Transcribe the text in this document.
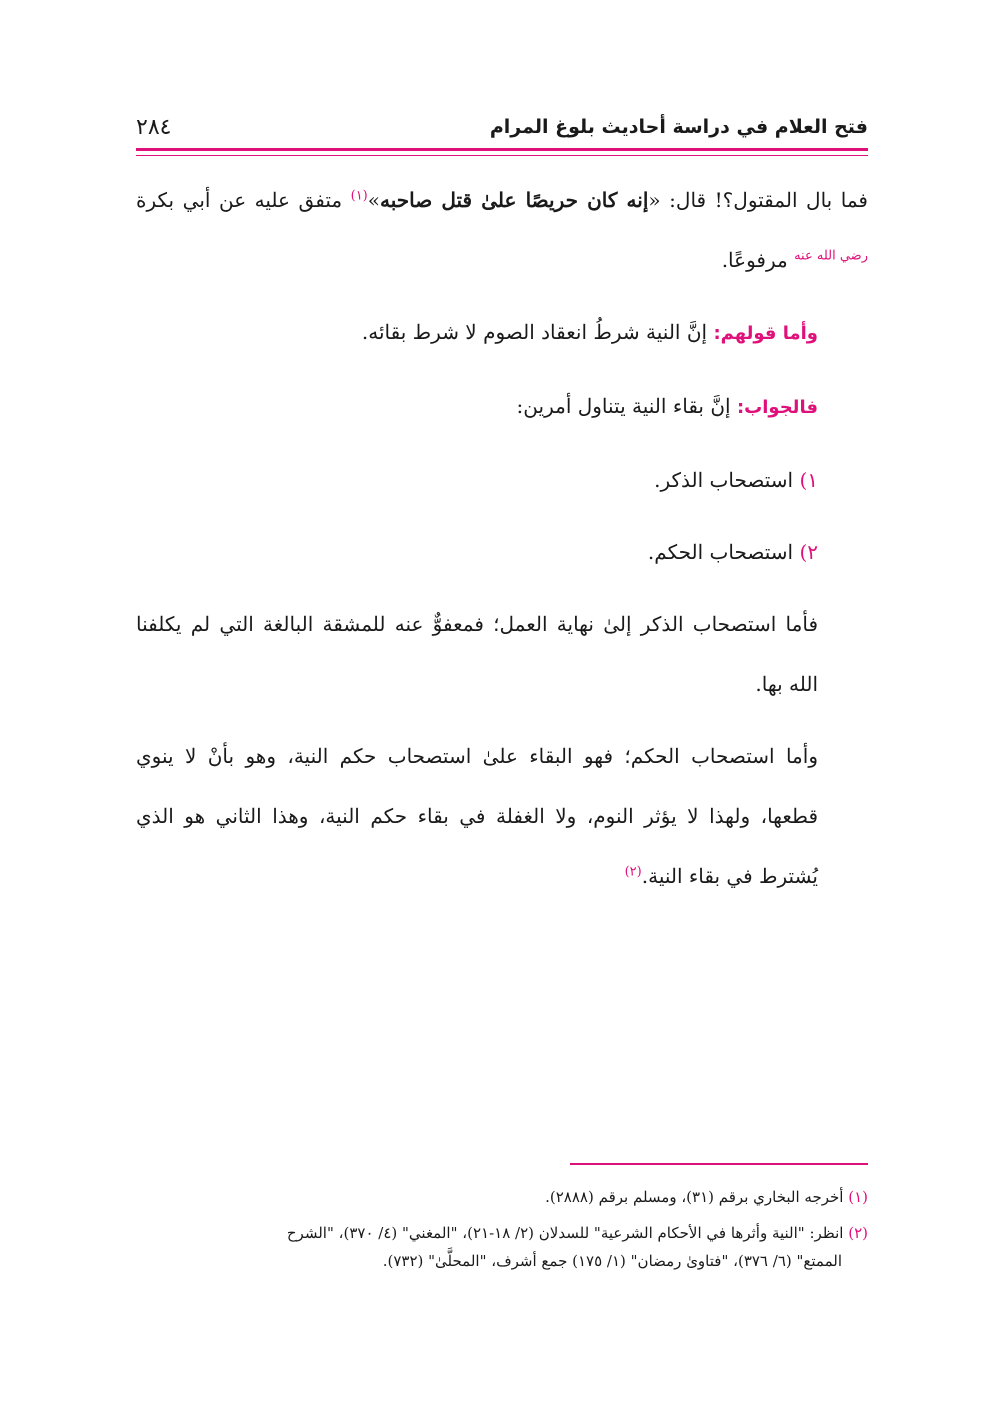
فتح العلام في دراسة أحاديث بلوغ المرام
٢٨٤

فما بال المقتول؟! قال: «إنه كان حريصًا علىٰ قتل صاحبه»$^{(١)}$ متفق عليه عن أبي بكرة $^{رضي الله عنه}$ مرفوعًا.

وأما قولهم: إنَّ النية شرطُ انعقاد الصوم لا شرط بقائه.

فالجواب: إنَّ بقاء النية يتناول أمرين:

١) استصحاب الذكر.

٢) استصحاب الحكم.

فأما استصحاب الذكر إلىٰ نهاية العمل؛ فمعفوٌّ عنه للمشقة البالغة التي لم يكلفنا الله بها.

وأما استصحاب الحكم؛ فهو البقاء علىٰ استصحاب حكم النية، وهو بأنْ لا ينوي قطعها، ولهذا لا يؤثر النوم، ولا الغفلة في بقاء حكم النية، وهذا الثاني هو الذي يُشترط في بقاء النية.$^{(٢)}$

(١) أخرجه البخاري برقم (٣١)، ومسلم برقم (٢٨٨٨).

(٢) انظر: "النية وأثرها في الأحكام الشرعية" للسدلان (٢/ ١٨-٢١)، "المغني" (٤/ ٣٧٠)، "الشرح
الممتع" (٦/ ٣٧٦)، "فتاوىٰ رمضان" (١/ ١٧٥) جمع أشرف، "المحلَّىٰ" (٧٣٢).
